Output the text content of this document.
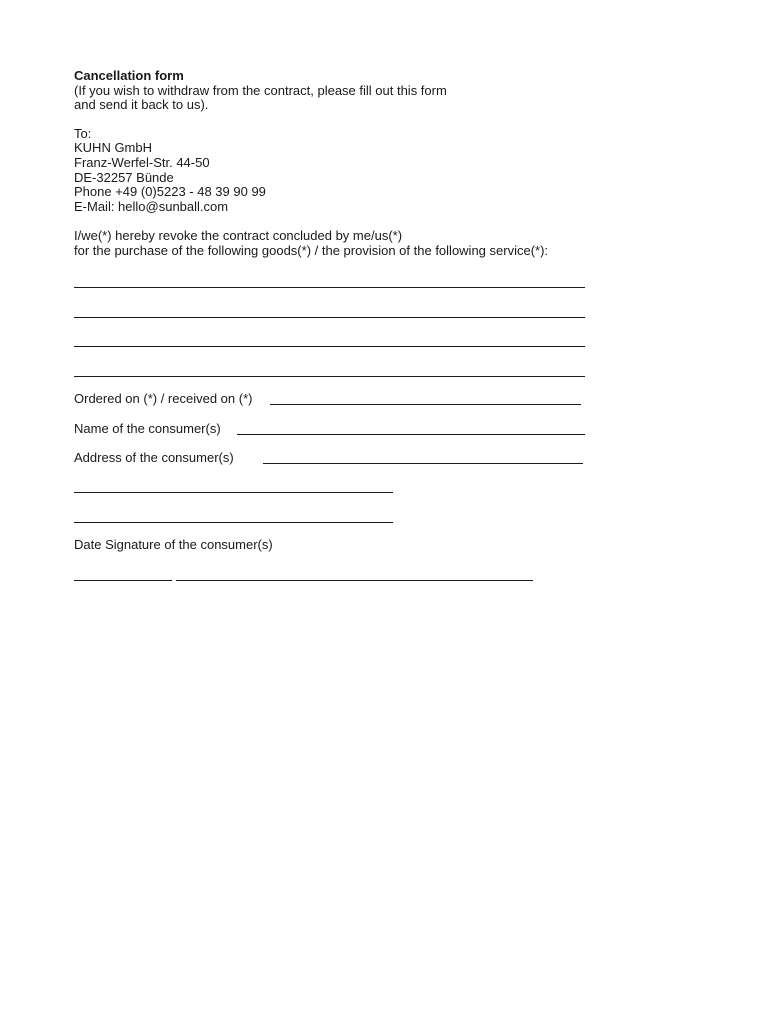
Cancellation form
(If you wish to withdraw from the contract, please fill out this form
and send it back to us).
To:
KUHN GmbH
Franz-Werfel-Str. 44-50
DE-32257 Bünde
Phone +49 (0)5223 - 48 39 90 99
E-Mail: hello@sunball.com
I/we(*) hereby revoke the contract concluded by me/us(*)
for the purchase of the following goods(*) / the provision of the following service(*):
Ordered on (*) / received on (*)
Name of the consumer(s)
Address of the consumer(s)
Date Signature of the consumer(s)
